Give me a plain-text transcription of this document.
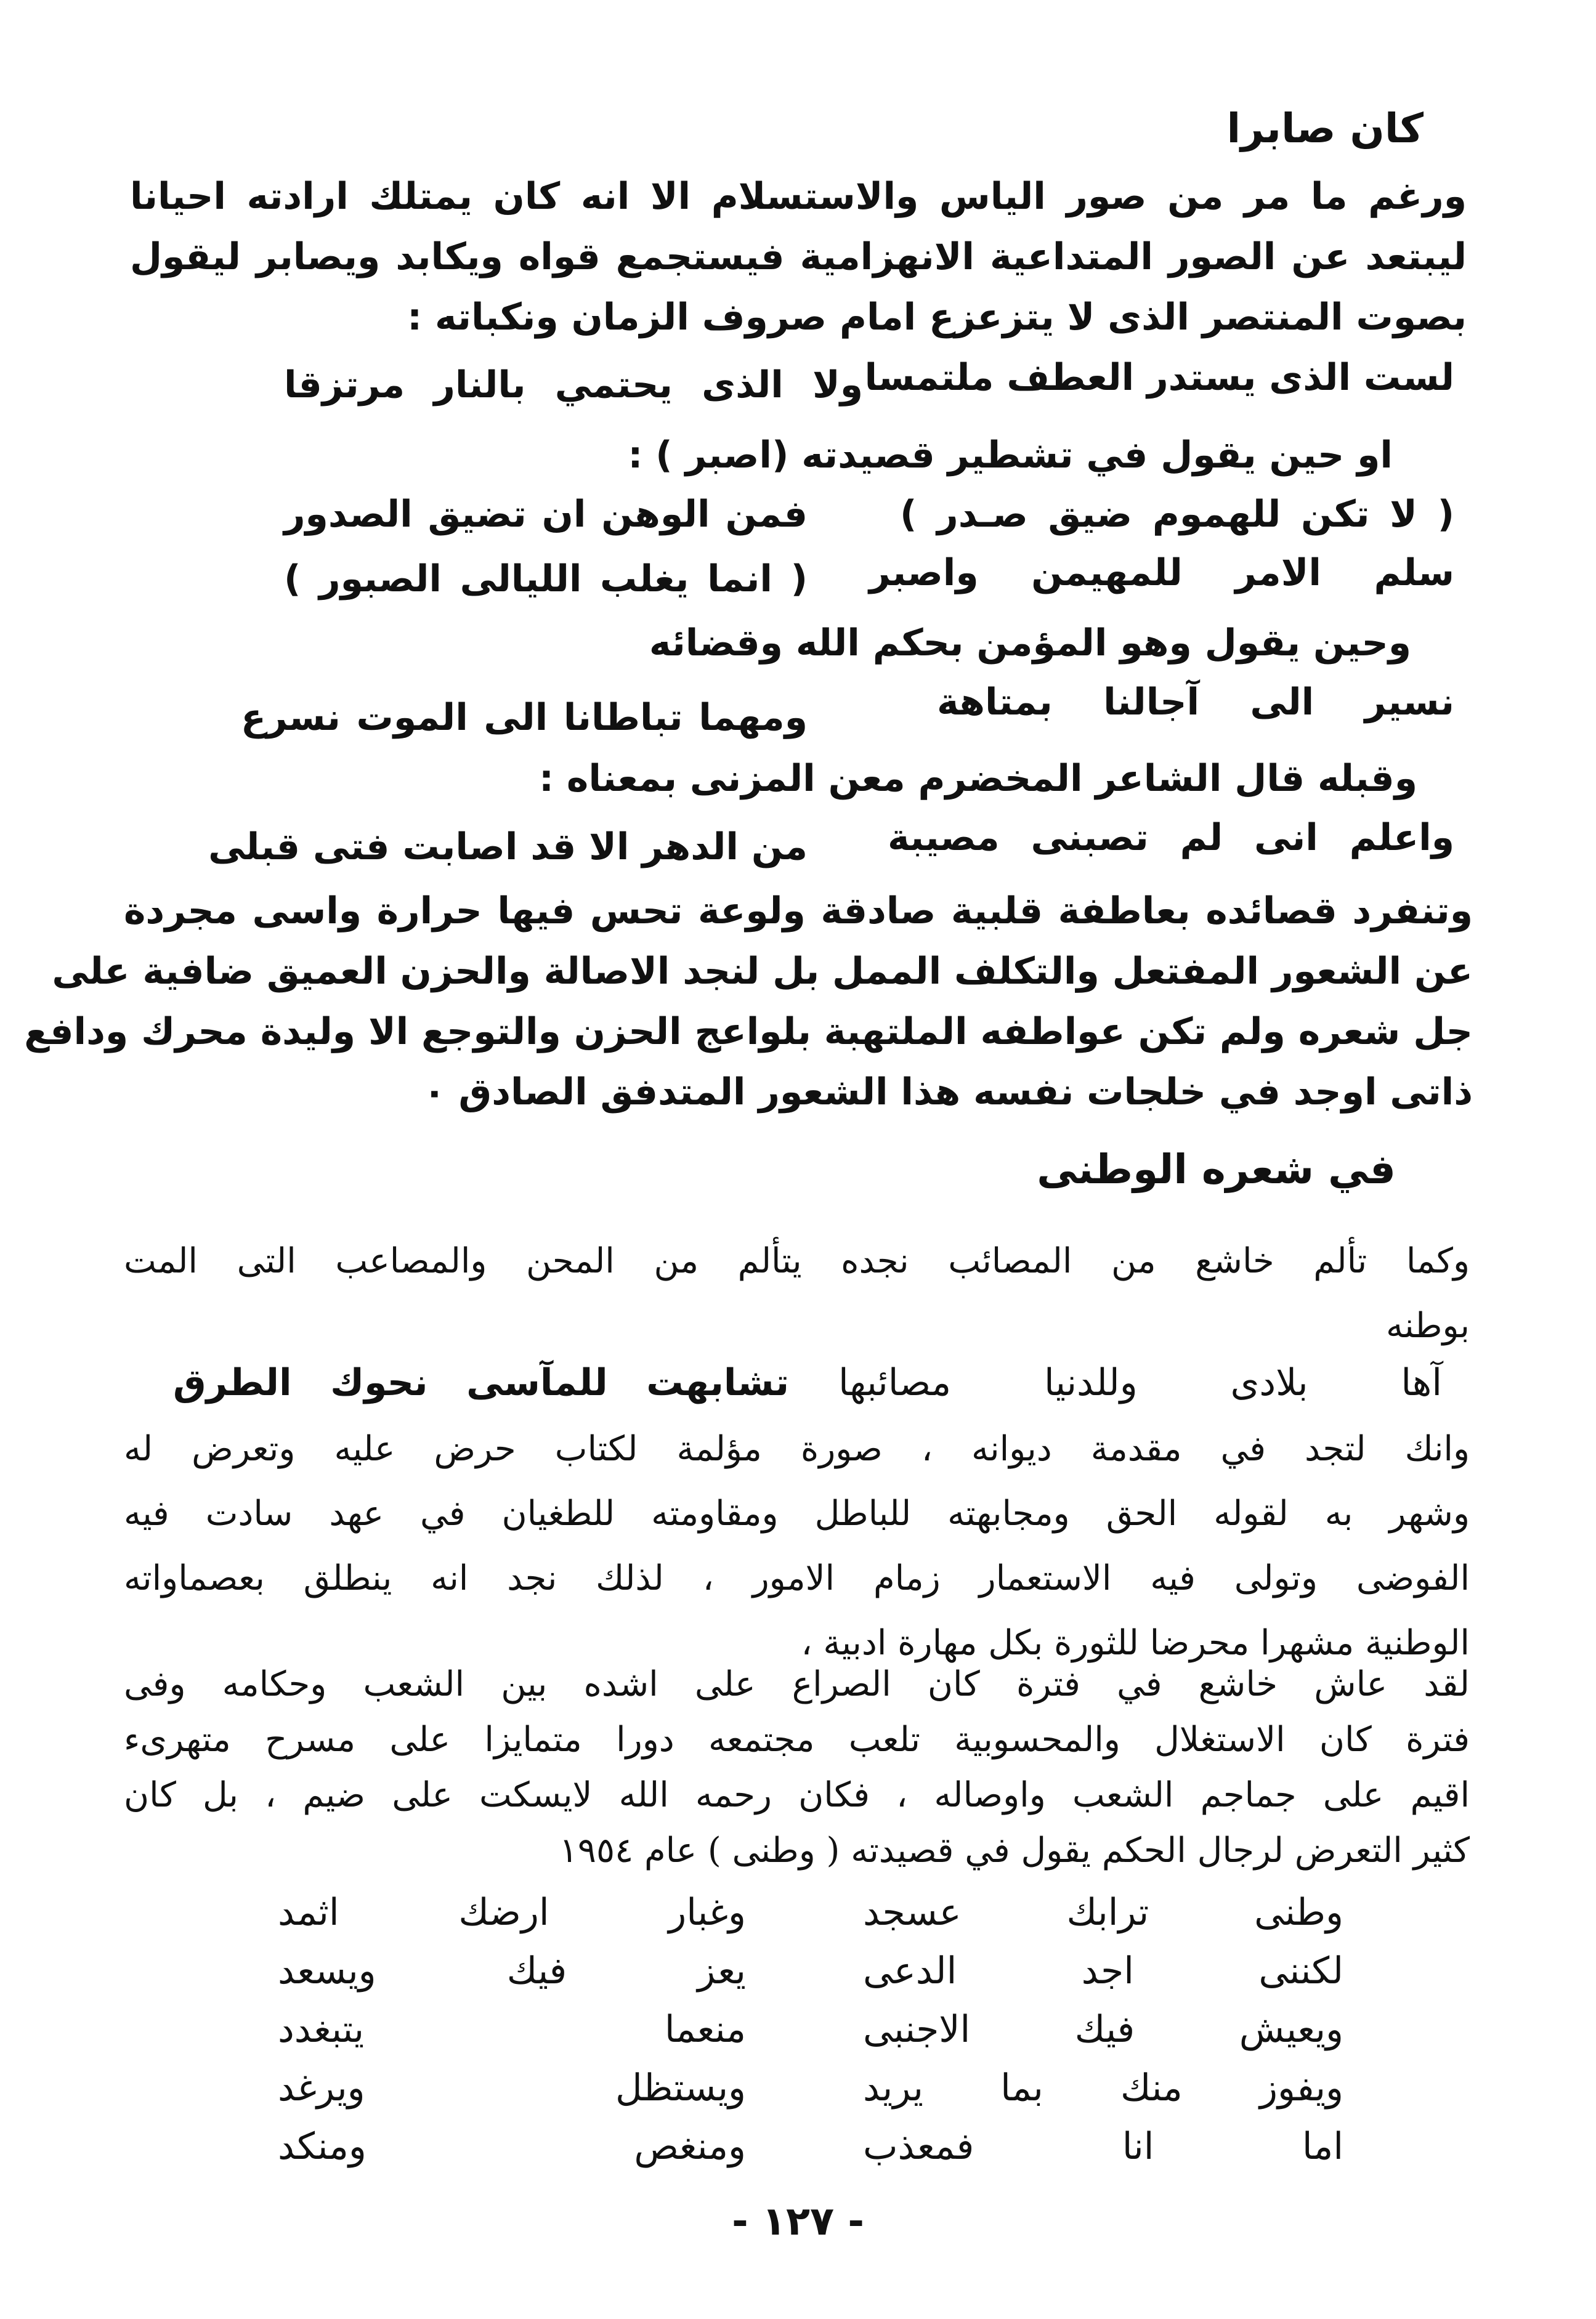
كان صابرا
ورغم ما مر من صور الياس والاستسلام الا انه كان يمتلك ارادته احيانا
ليبتعد عن الصور المتداعية الانهزامية فيستجمع قواه ويكابد ويصابر ليقول
بصوت المنتصر الذى لا يتزعزع امام صروف الزمان ونكباته :
لست الذى يستدر العطف ملتمسا
ولا الذى يحتمي بالنار مرتزقا
او حين يقول في تشطير قصيدته (اصبر ) :
( لا تكن للهموم ضيق صـدر )
فمن الوهن ان تضيق الصدور
سلم الامر للمهيمن واصبر
( انما يغلب الليالى الصبور )
وحين يقول وهو المؤمن بحكم الله وقضائه
نسير الى آجالنا بمتاهة
ومهما تباطانا الى الموت نسرع
وقبله قال الشاعر المخضرم معن المزنى بمعناه :
واعلم انى لم تصبنى مصيبة
من الدهر الا قد اصابت فتى قبلى
وتنفرد قصائده بعاطفة قلبية صادقة ولوعة تحس فيها حرارة واسى مجردة
عن الشعور المفتعل والتكلف الممل بل لنجد الاصالة والحزن العميق ضافية على
جل شعره ولم تكن عواطفه الملتهبة بلواعج الحزن والتوجع الا وليدة محرك ودافع
ذاتى اوجد في خلجات نفسه هذا الشعور المتدفق الصادق ٠
في شعره الوطنى
وكما تألم خاشع من المصائب نجده يتألم من المحن والمصاعب التى المت
بوطنه
آها بلادى وللدنيا مصائبها
تشابهت للمآسى نحوك الطرق
وانك لتجد في مقدمة ديوانه ، صورة مؤلمة لكتاب حرض عليه وتعرض له
وشهر به لقوله الحق ومجابهته للباطل ومقاومته للطغيان في عهد سادت فيه
الفوضى وتولى فيه الاستعمار زمام الامور ، لذلك نجد انه ينطلق بعصماواته
الوطنية مشهرا محرضا للثورة بكل مهارة ادبية ،
لقد عاش خاشع في فترة كان الصراع على اشده بين الشعب وحكامه وفى
فترة كان الاستغلال والمحسوبية تلعب مجتمعه دورا متمايزا على مسرح متهرىء
اقيم على جماجم الشعب واوصاله ، فكان رحمه الله لايسكت على ضيم ، بل كان
كثير التعرض لرجال الحكم يقول في قصيدته ( وطنى ) عام ١٩٥٤
وطنى ترابك عسجد
وغبار ارضك اثمد
لكننى اجد الدعى
يعز فيك ويسعد
ويعيش فيك الاجنبى
منعما يتبغدد
ويفوز منك بما يريد
ويستظل ويرغد
اما انا فمعذب
ومنغص ومنكد
- ١٢٧ -
